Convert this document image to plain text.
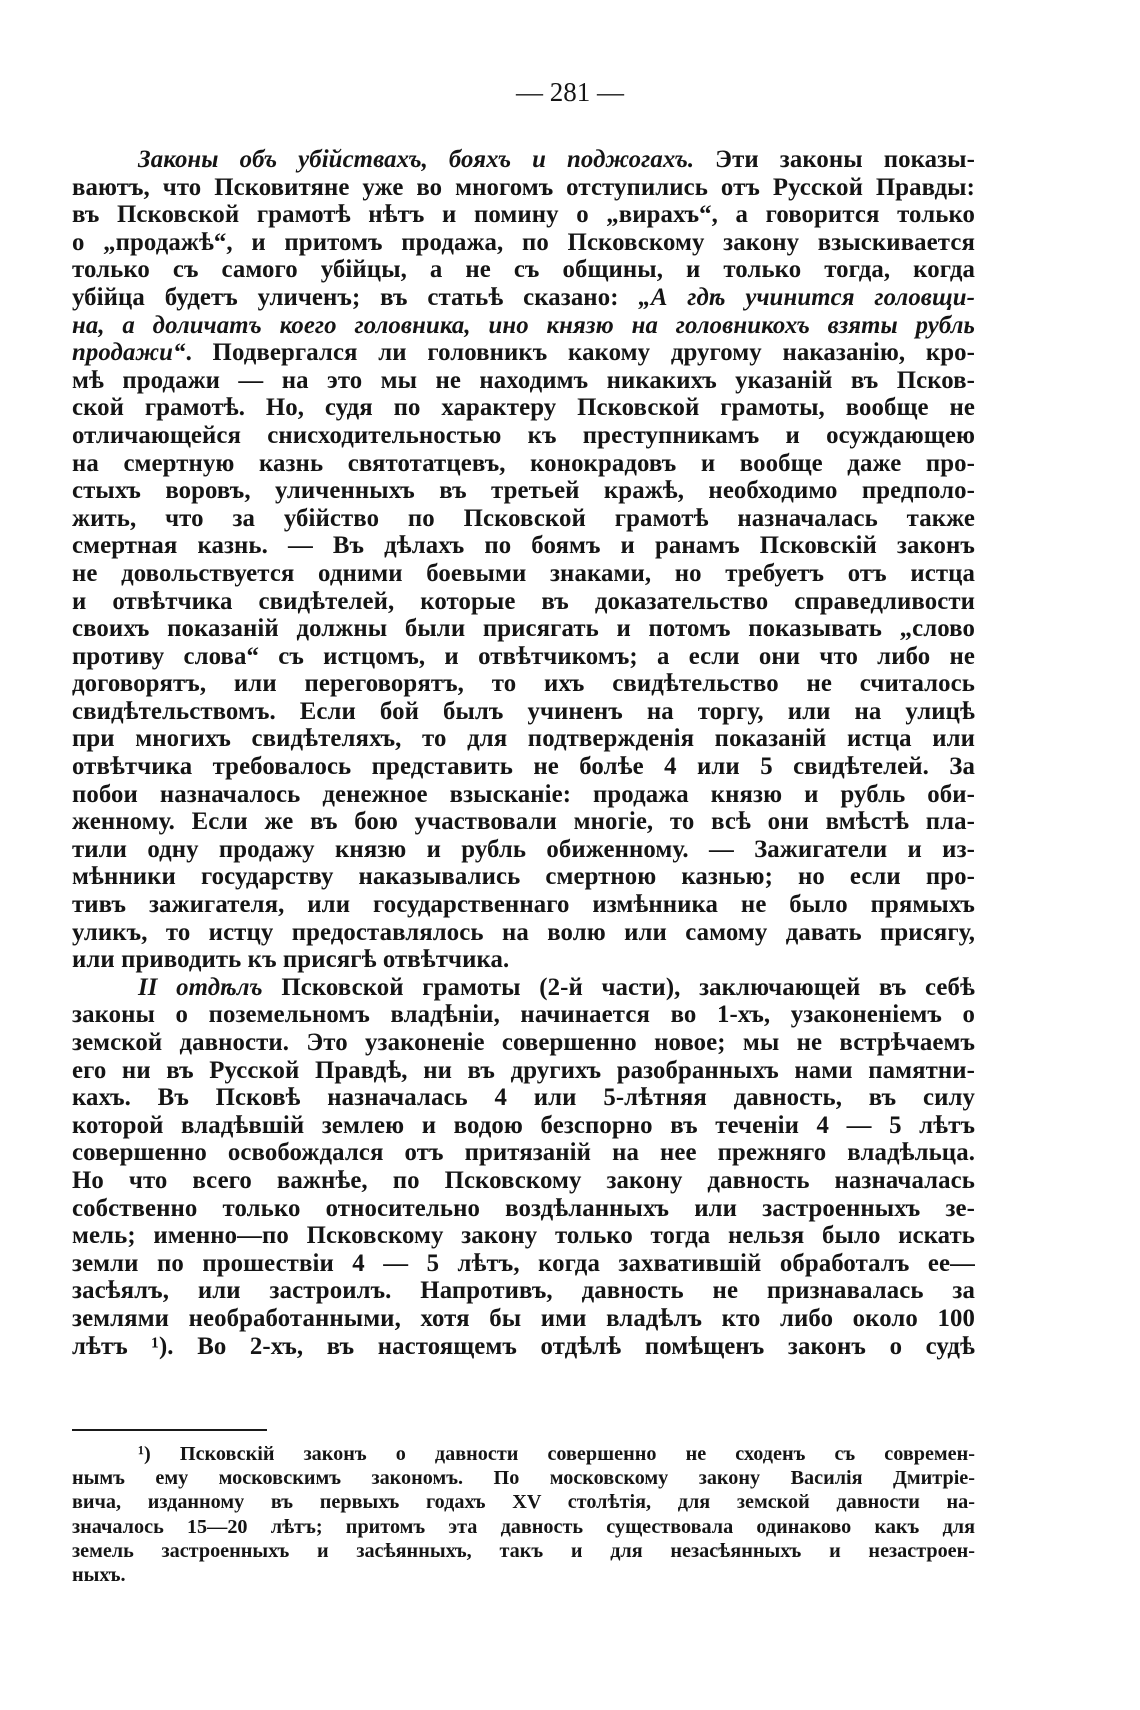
— 281 —
Законы объ убійствахъ, бояхъ и поджогахъ. Эти законы показы-
ваютъ, что Псковитяне уже во многомъ отступились отъ Русской Правды:
въ Псковской грамотѣ нѣтъ и помину о „вирахъ“, а говорится только
о „продажѣ“, и притомъ продажа, по Псковскому закону взыскивается
только съ самого убійцы, а не съ общины, и только тогда, когда
убійца будетъ уличенъ; въ статьѣ сказано: „А гдѣ учинится головщи-
на, а доличатъ коего головника, ино князю на головникохъ взяты рубль
продажи“. Подвергался ли головникъ какому другому наказанію, кро-
мѣ продажи — на это мы не находимъ никакихъ указаній въ Псков-
ской грамотѣ. Но, судя по характеру Псковской грамоты, вообще не
отличающейся снисходительностью къ преступникамъ и осуждающею
на смертную казнь святотатцевъ, конокрадовъ и вообще даже про-
стыхъ воровъ, уличенныхъ въ третьей кражѣ, необходимо предполо-
жить, что за убійство по Псковской грамотѣ назначалась также
смертная казнь. — Въ дѣлахъ по боямъ и ранамъ Псковскій законъ
не довольствуется одними боевыми знаками, но требуетъ отъ истца
и отвѣтчика свидѣтелей, которые въ доказательство справедливости
своихъ показаній должны были присягать и потомъ показывать „слово
противу слова“ съ истцомъ, и отвѣтчикомъ; а если они что либо не
договорятъ, или переговорятъ, то ихъ свидѣтельство не считалось
свидѣтельствомъ. Если бой былъ учиненъ на торгу, или на улицѣ
при многихъ свидѣтеляхъ, то для подтвержденія показаній истца или
отвѣтчика требовалось представить не болѣе 4 или 5 свидѣтелей. За
побои назначалось денежное взысканіе: продажа князю и рубль оби-
женному. Если же въ бою участвовали многіе, то всѣ они вмѣстѣ пла-
тили одну продажу князю и рубль обиженному. — Зажигатели и из-
мѣнники государству наказывались смертною казнью; но если про-
тивъ зажигателя, или государственнаго измѣнника не было прямыхъ
уликъ, то истцу предоставлялось на волю или самому давать присягу,
или приводить къ присягѣ отвѣтчика.
II отдѣлъ Псковской грамоты (2-й части), заключающей въ себѣ
законы о поземельномъ владѣніи, начинается во 1-хъ, узаконеніемъ о
земской давности. Это узаконеніе совершенно новое; мы не встрѣчаемъ
его ни въ Русской Правдѣ, ни въ другихъ разобранныхъ нами памятни-
кахъ. Въ Псковѣ назначалась 4 или 5-лѣтняя давность, въ силу
которой владѣвшій землею и водою безспорно въ теченіи 4 — 5 лѣтъ
совершенно освобождался отъ притязаній на нее прежняго владѣльца.
Но что всего важнѣе, по Псковскому закону давность назначалась
собственно только относительно воздѣланныхъ или застроенныхъ зе-
мель; именно—по Псковскому закону только тогда нельзя было искать
земли по прошествіи 4 — 5 лѣтъ, когда захватившій обработалъ ее—
засѣялъ, или застроилъ. Напротивъ, давность не признавалась за
землями необработанными, хотя бы ими владѣлъ кто либо около 100
лѣтъ ¹). Во 2-хъ, въ настоящемъ отдѣлѣ помѣщенъ законъ о судѣ
¹) Псковскій законъ о давности совершенно не сходенъ съ современ-
нымъ ему московскимъ закономъ. По московскому закону Василія Дмитріе-
вича, изданному въ первыхъ годахъ XV столѣтія, для земской давности на-
значалось 15—20 лѣтъ; притомъ эта давность существовала одинаково какъ для
земель застроенныхъ и засѣянныхъ, такъ и для незасѣянныхъ и незастроен-
ныхъ.
